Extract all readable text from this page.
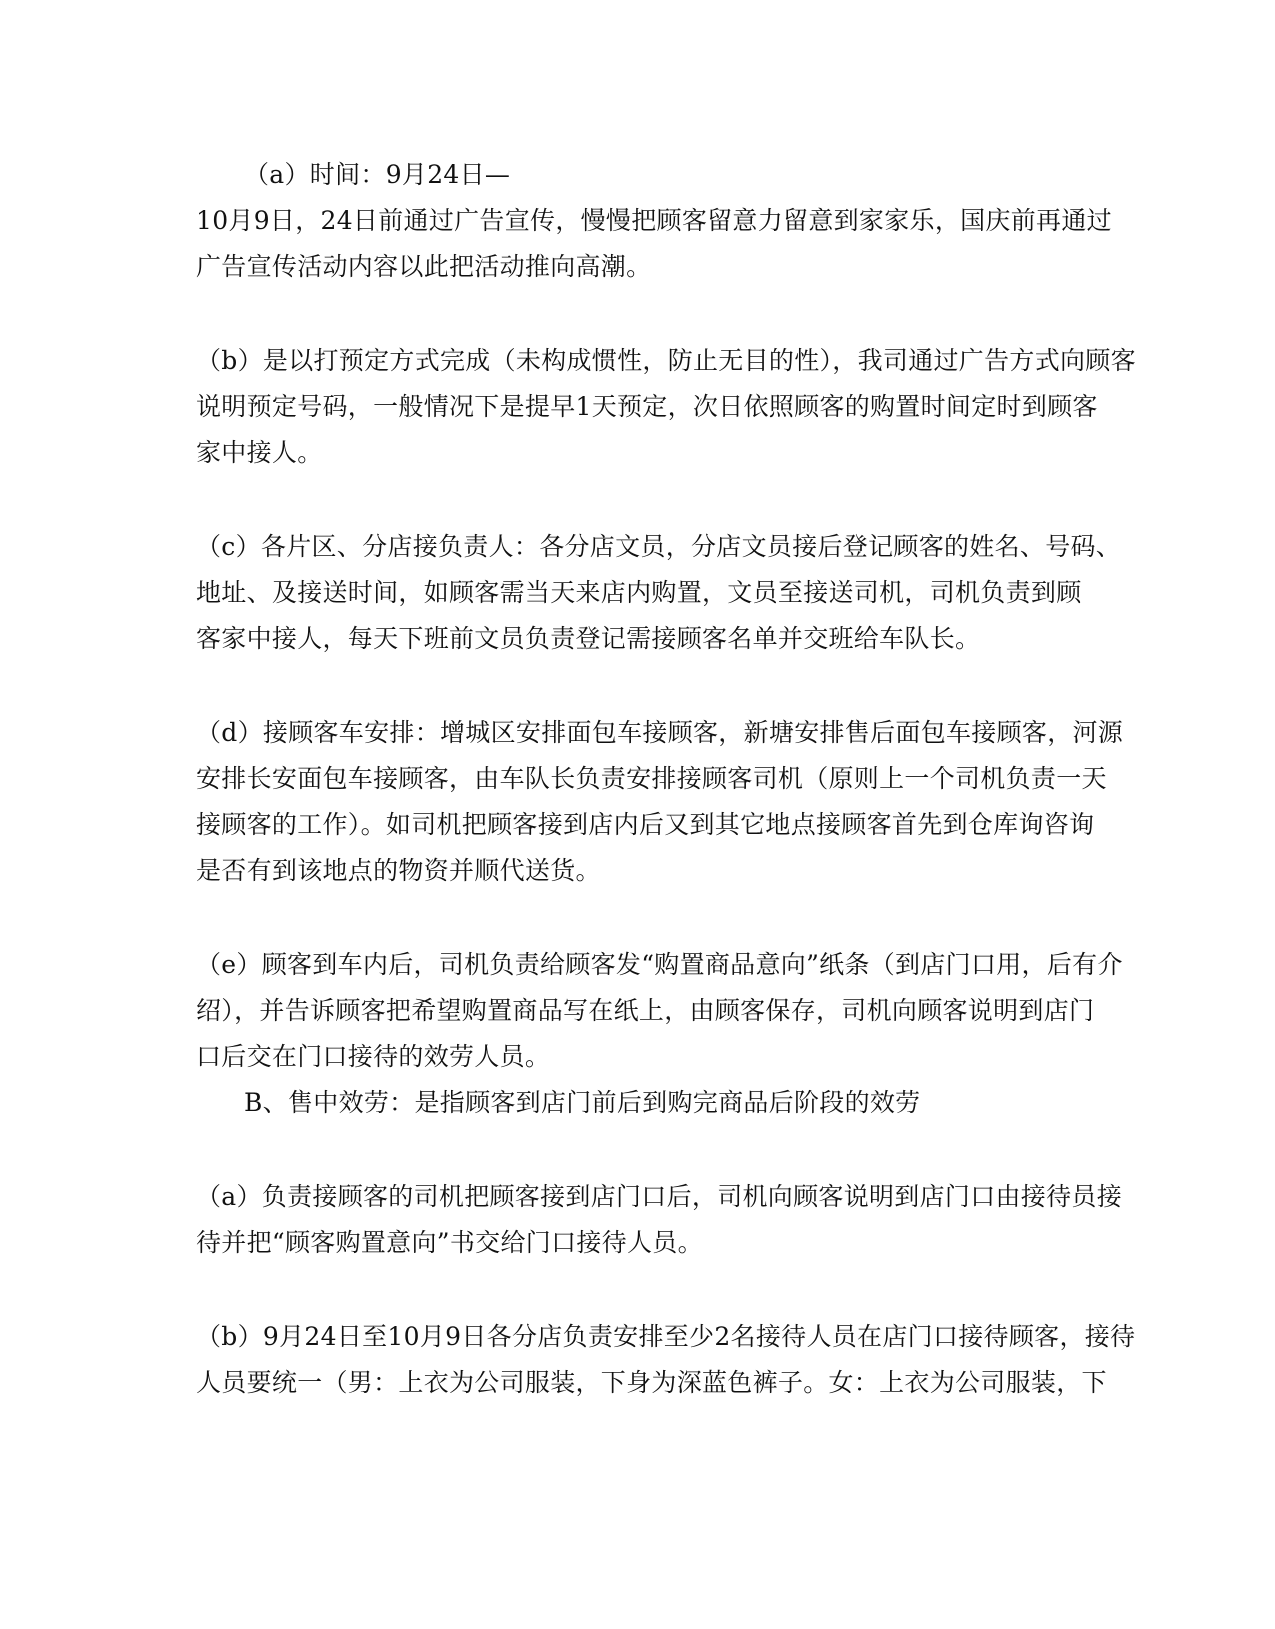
（a）时间：9月24日—
10月9日，24日前通过广告宣传，慢慢把顾客留意力留意到家家乐，国庆前再通过
广告宣传活动内容以此把活动推向高潮。
（b）是以打预定方式完成（未构成惯性，防止无目的性），我司通过广告方式向顾客
说明预定号码，一般情况下是提早1天预定，次日依照顾客的购置时间定时到顾客
家中接人。
（c）各片区、分店接负责人：各分店文员，分店文员接后登记顾客的姓名、号码、
地址、及接送时间，如顾客需当天来店内购置，文员至接送司机，司机负责到顾
客家中接人，每天下班前文员负责登记需接顾客名单并交班给车队长。
（d）接顾客车安排：增城区安排面包车接顾客，新塘安排售后面包车接顾客，河源
安排长安面包车接顾客，由车队长负责安排接顾客司机（原则上一个司机负责一天
接顾客的工作）。如司机把顾客接到店内后又到其它地点接顾客首先到仓库询咨询
是否有到该地点的物资并顺代送货。
（e）顾客到车内后，司机负责给顾客发“购置商品意向”纸条（到店门口用，后有介
绍），并告诉顾客把希望购置商品写在纸上，由顾客保存，司机向顾客说明到店门
口后交在门口接待的效劳人员。
B、售中效劳：是指顾客到店门前后到购完商品后阶段的效劳
（a）负责接顾客的司机把顾客接到店门口后，司机向顾客说明到店门口由接待员接
待并把“顾客购置意向”书交给门口接待人员。
（b）9月24日至10月9日各分店负责安排至少2名接待人员在店门口接待顾客，接待
人员要统一（男：上衣为公司服装，下身为深蓝色裤子。女：上衣为公司服装，下
